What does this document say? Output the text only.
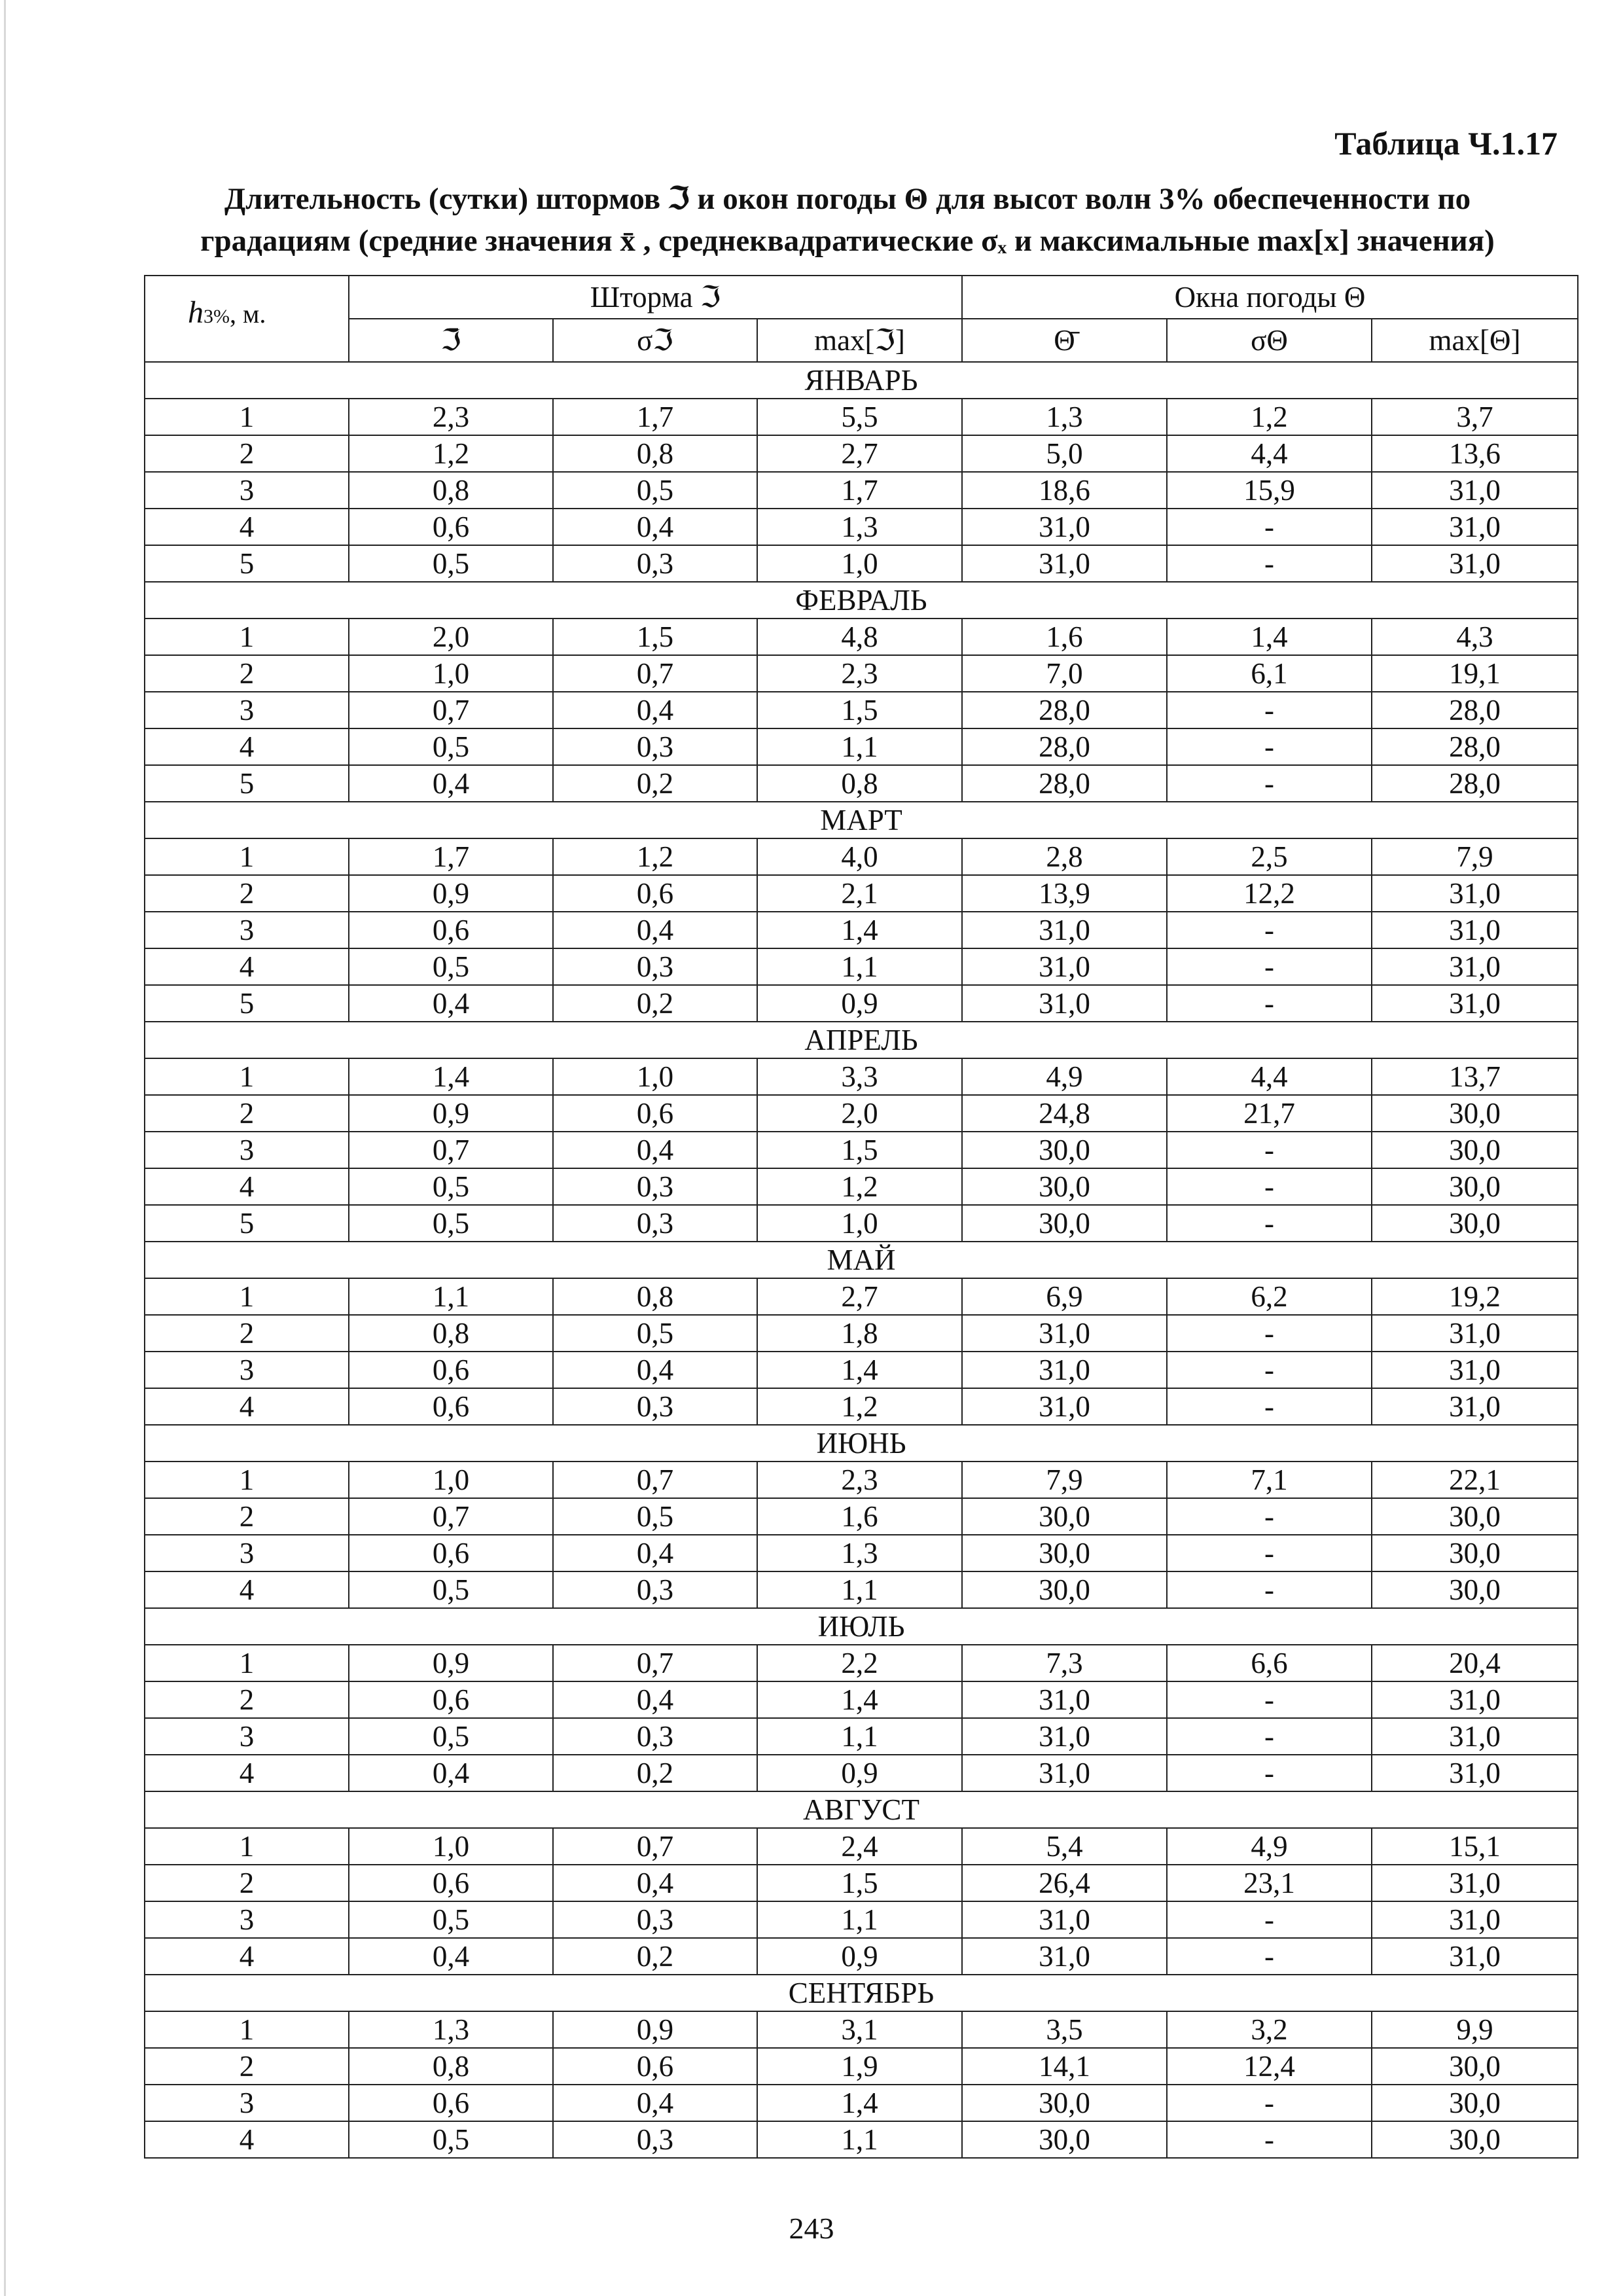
Таблица Ч.1.17
Длительность (сутки) штормов ℑ и окон погоды Θ для высот волн 3% обеспеченности по
градациям (средние значения x̄ , среднеквадратические σₓ и максимальные max[x] значения)
h3%, м.	Шторма ℑ			Окна погоды Θ		
	ℑ̄	σℑ	max[ℑ]	Θ̄	σΘ	max[Θ]
ЯНВАРЬ						
1	2,3	1,7	5,5	1,3	1,2	3,7
2	1,2	0,8	2,7	5,0	4,4	13,6
3	0,8	0,5	1,7	18,6	15,9	31,0
4	0,6	0,4	1,3	31,0	-	31,0
5	0,5	0,3	1,0	31,0	-	31,0
ФЕВРАЛЬ						
1	2,0	1,5	4,8	1,6	1,4	4,3
2	1,0	0,7	2,3	7,0	6,1	19,1
3	0,7	0,4	1,5	28,0	-	28,0
4	0,5	0,3	1,1	28,0	-	28,0
5	0,4	0,2	0,8	28,0	-	28,0
МАРТ						
1	1,7	1,2	4,0	2,8	2,5	7,9
2	0,9	0,6	2,1	13,9	12,2	31,0
3	0,6	0,4	1,4	31,0	-	31,0
4	0,5	0,3	1,1	31,0	-	31,0
5	0,4	0,2	0,9	31,0	-	31,0
АПРЕЛЬ						
1	1,4	1,0	3,3	4,9	4,4	13,7
2	0,9	0,6	2,0	24,8	21,7	30,0
3	0,7	0,4	1,5	30,0	-	30,0
4	0,5	0,3	1,2	30,0	-	30,0
5	0,5	0,3	1,0	30,0	-	30,0
МАЙ						
1	1,1	0,8	2,7	6,9	6,2	19,2
2	0,8	0,5	1,8	31,0	-	31,0
3	0,6	0,4	1,4	31,0	-	31,0
4	0,6	0,3	1,2	31,0	-	31,0
ИЮНЬ						
1	1,0	0,7	2,3	7,9	7,1	22,1
2	0,7	0,5	1,6	30,0	-	30,0
3	0,6	0,4	1,3	30,0	-	30,0
4	0,5	0,3	1,1	30,0	-	30,0
ИЮЛЬ						
1	0,9	0,7	2,2	7,3	6,6	20,4
2	0,6	0,4	1,4	31,0	-	31,0
3	0,5	0,3	1,1	31,0	-	31,0
4	0,4	0,2	0,9	31,0	-	31,0
АВГУСТ						
1	1,0	0,7	2,4	5,4	4,9	15,1
2	0,6	0,4	1,5	26,4	23,1	31,0
3	0,5	0,3	1,1	31,0	-	31,0
4	0,4	0,2	0,9	31,0	-	31,0
СЕНТЯБРЬ						
1	1,3	0,9	3,1	3,5	3,2	9,9
2	0,8	0,6	1,9	14,1	12,4	30,0
3	0,6	0,4	1,4	30,0	-	30,0
4	0,5	0,3	1,1	30,0	-	30,0
243
